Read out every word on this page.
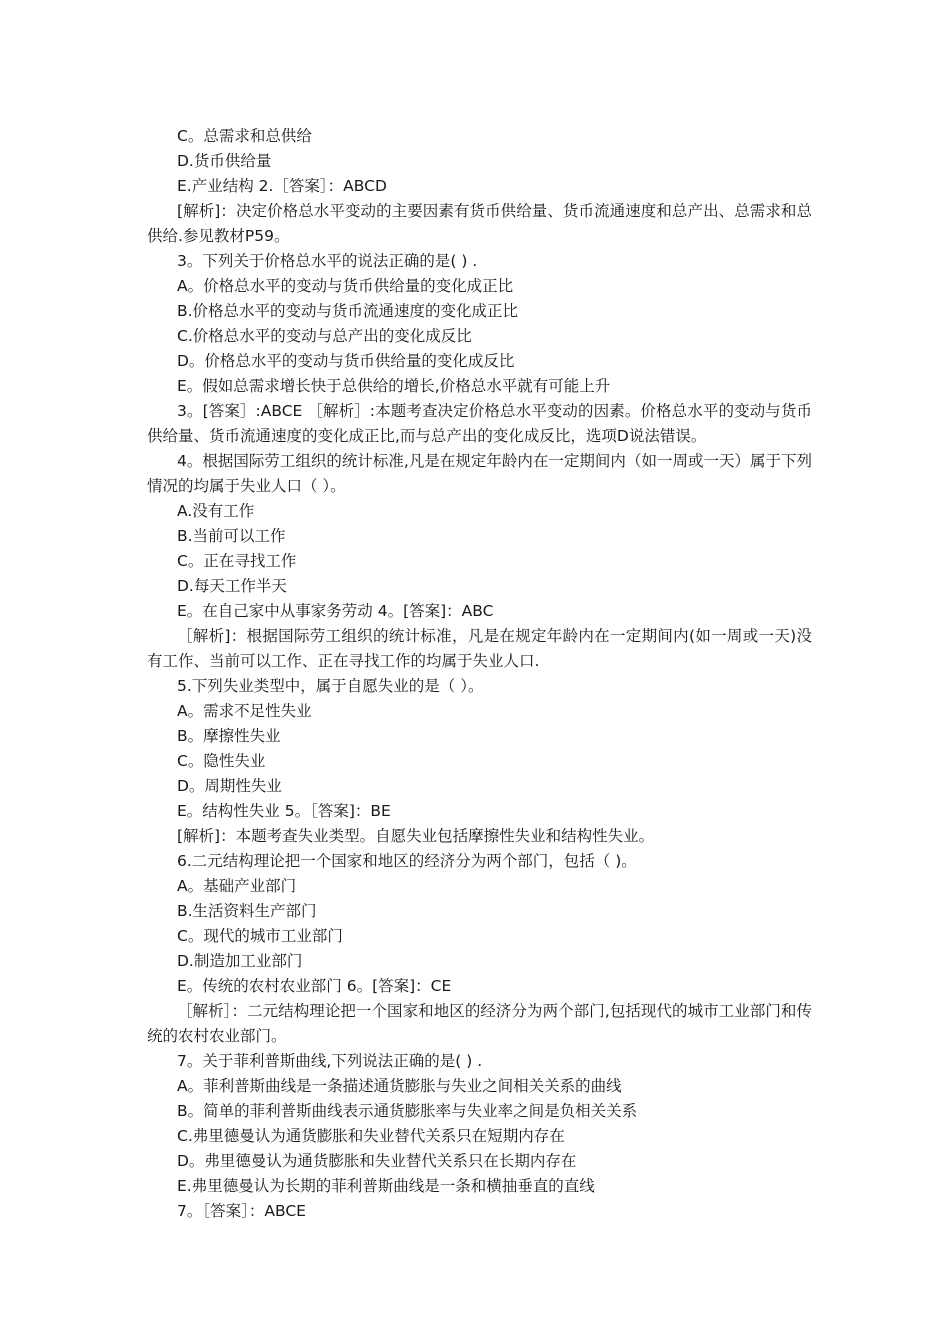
C。总需求和总供给
D.货币供给量
E.产业结构 2.［答案］：ABCD
[解析]：决定价格总水平变动的主要因素有货币供给量、货币流通速度和总产出、总需求和总供给.参见教材P59。
3。下列关于价格总水平的说法正确的是( ) .
A。价格总水平的变动与货币供给量的变化成正比
B.价格总水平的变动与货币流通速度的变化成正比
C.价格总水平的变动与总产出的变化成反比
D。价格总水平的变动与货币供给量的变化成反比
E。假如总需求增长快于总供给的增长,价格总水平就有可能上升
3。[答案］:ABCE ［解析］:本题考查决定价格总水平变动的因素。价格总水平的变动与货币供给量、货币流通速度的变化成正比,而与总产出的变化成反比，选项D说法错误。
4。根据国际劳工组织的统计标准,凡是在规定年龄内在一定期间内（如一周或一天）属于下列情况的均属于失业人口（ ）。
A.没有工作
B.当前可以工作
C。正在寻找工作
D.每天工作半天
E。在自己家中从事家务劳动 4。[答案]：ABC
［解析]：根据国际劳工组织的统计标准，凡是在规定年龄内在一定期间内(如一周或一天)没有工作、当前可以工作、正在寻找工作的均属于失业人口.
5.下列失业类型中，属于自愿失业的是（ ）。
A。需求不足性失业
B。摩擦性失业
C。隐性失业
D。周期性失业
E。结构性失业 5。［答案]：BE
[解析]：本题考查失业类型。自愿失业包括摩擦性失业和结构性失业。
6.二元结构理论把一个国家和地区的经济分为两个部门，包括（ )。
A。基础产业部门
B.生活资料生产部门
C。现代的城市工业部门
D.制造加工业部门
E。传统的农村农业部门 6。[答案]：CE
［解析］：二元结构理论把一个国家和地区的经济分为两个部门,包括现代的城市工业部门和传统的农村农业部门。
7。关于菲利普斯曲线,下列说法正确的是( ) .
A。菲利普斯曲线是一条描述通货膨胀与失业之间相关关系的曲线
B。简单的菲利普斯曲线表示通货膨胀率与失业率之间是负相关关系
C.弗里德曼认为通货膨胀和失业替代关系只在短期内存在
D。弗里德曼认为通货膨胀和失业替代关系只在长期内存在
E.弗里德曼认为长期的菲利普斯曲线是一条和横抽垂直的直线
7。［答案］：ABCE
